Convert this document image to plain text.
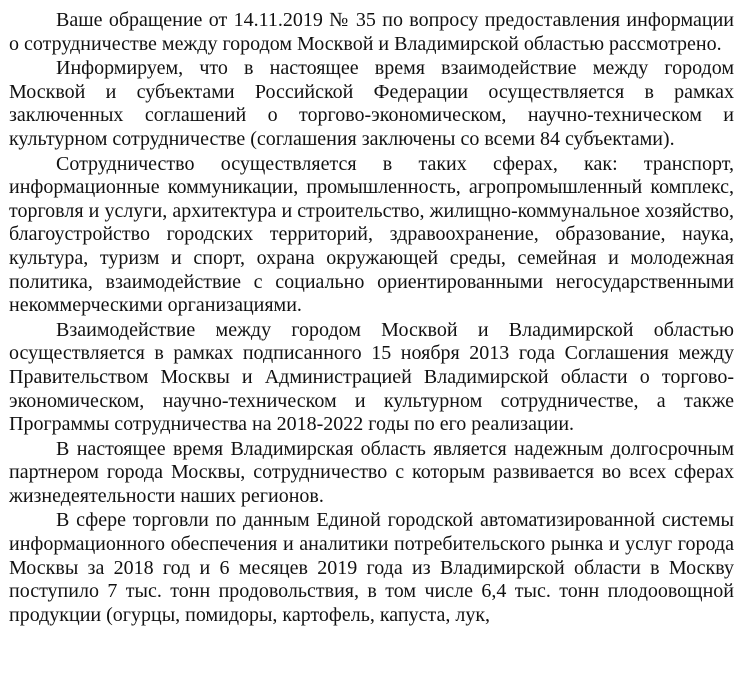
Ваше обращение от 14.11.2019 № 35 по вопросу предоставления информации о сотрудничестве между городом Москвой и Владимирской областью рассмотрено.

Информируем, что в настоящее время взаимодействие между городом Москвой и субъектами Российской Федерации осуществляется в рамках заключенных соглашений о торгово-экономическом, научно-техническом и культурном сотрудничестве (соглашения заключены со всеми 84 субъектами).

Сотрудничество осуществляется в таких сферах, как: транспорт, информационные коммуникации, промышленность, агропромышленный комплекс, торговля и услуги, архитектура и строительство, жилищно-коммунальное хозяйство, благоустройство городских территорий, здравоохранение, образование, наука, культура, туризм и спорт, охрана окружающей среды, семейная и молодежная политика, взаимодействие с социально ориентированными негосударственными некоммерческими организациями.

Взаимодействие между городом Москвой и Владимирской областью осуществляется в рамках подписанного 15 ноября 2013 года Соглашения между Правительством Москвы и Администрацией Владимирской области о торгово-экономическом, научно-техническом и культурном сотрудничестве, а также Программы сотрудничества на 2018-2022 годы по его реализации.

В настоящее время Владимирская область является надежным долгосрочным партнером города Москвы, сотрудничество с которым развивается во всех сферах жизнедеятельности наших регионов.

В сфере торговли по данным Единой городской автоматизированной системы информационного обеспечения и аналитики потребительского рынка и услуг города Москвы за 2018 год и 6 месяцев 2019 года из Владимирской области в Москву поступило 7 тыс. тонн продовольствия, в том числе 6,4 тыс. тонн плодоовощной продукции (огурцы, помидоры, картофель, капуста, лук,
